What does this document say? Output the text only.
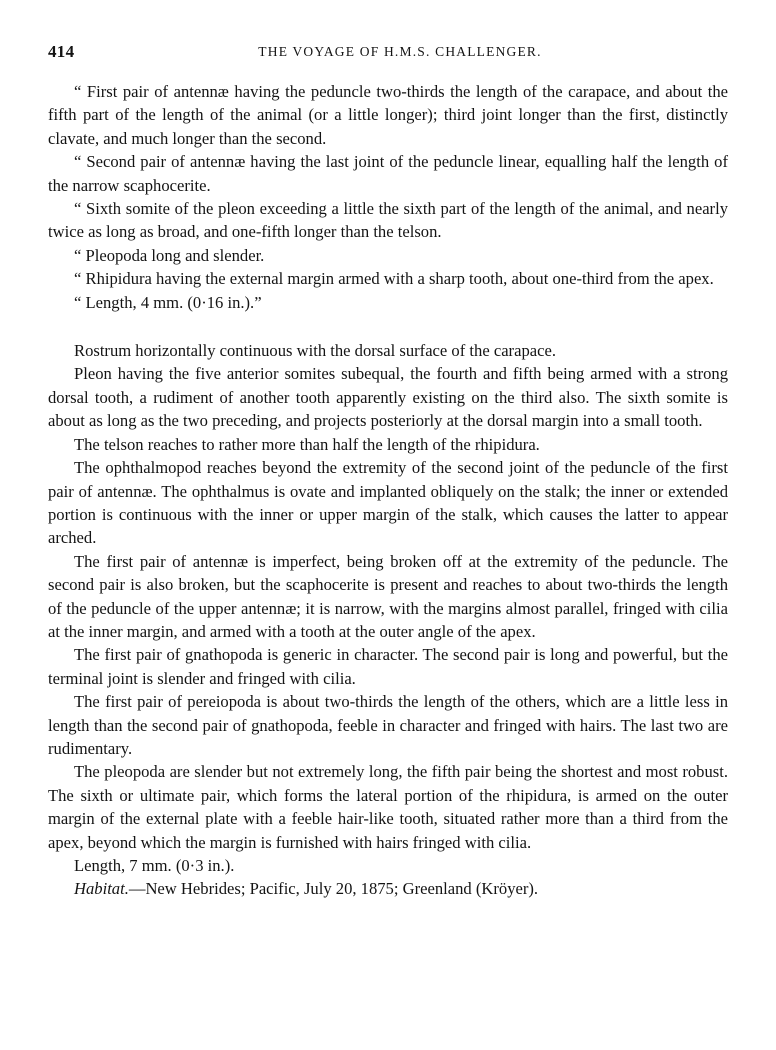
414	THE VOYAGE OF H.M.S. CHALLENGER.

“ First pair of antennæ having the peduncle two-thirds the length of the carapace, and about the fifth part of the length of the animal (or a little longer); third joint longer than the first, distinctly clavate, and much longer than the second.

“ Second pair of antennæ having the last joint of the peduncle linear, equalling half the length of the narrow scaphocerite.

“ Sixth somite of the pleon exceeding a little the sixth part of the length of the animal, and nearly twice as long as broad, and one-fifth longer than the telson.

“ Pleopoda long and slender.

“ Rhipidura having the external margin armed with a sharp tooth, about one-third from the apex.

“ Length, 4 mm. (0·16 in.).”

Rostrum horizontally continuous with the dorsal surface of the carapace.

Pleon having the five anterior somites subequal, the fourth and fifth being armed with a strong dorsal tooth, a rudiment of another tooth apparently existing on the third also. The sixth somite is about as long as the two preceding, and projects posteriorly at the dorsal margin into a small tooth.

The telson reaches to rather more than half the length of the rhipidura.

The ophthalmopod reaches beyond the extremity of the second joint of the peduncle of the first pair of antennæ. The ophthalmus is ovate and implanted obliquely on the stalk; the inner or extended portion is continuous with the inner or upper margin of the stalk, which causes the latter to appear arched.

The first pair of antennæ is imperfect, being broken off at the extremity of the peduncle. The second pair is also broken, but the scaphocerite is present and reaches to about two-thirds the length of the peduncle of the upper antennæ; it is narrow, with the margins almost parallel, fringed with cilia at the inner margin, and armed with a tooth at the outer angle of the apex.

The first pair of gnathopoda is generic in character. The second pair is long and powerful, but the terminal joint is slender and fringed with cilia.

The first pair of pereiopoda is about two-thirds the length of the others, which are a little less in length than the second pair of gnathopoda, feeble in character and fringed with hairs. The last two are rudimentary.

The pleopoda are slender but not extremely long, the fifth pair being the shortest and most robust. The sixth or ultimate pair, which forms the lateral portion of the rhipidura, is armed on the outer margin of the external plate with a feeble hair-like tooth, situated rather more than a third from the apex, beyond which the margin is furnished with hairs fringed with cilia.

Length, 7 mm. (0·3 in.).

Habitat.—New Hebrides; Pacific, July 20, 1875; Greenland (Kröyer).
